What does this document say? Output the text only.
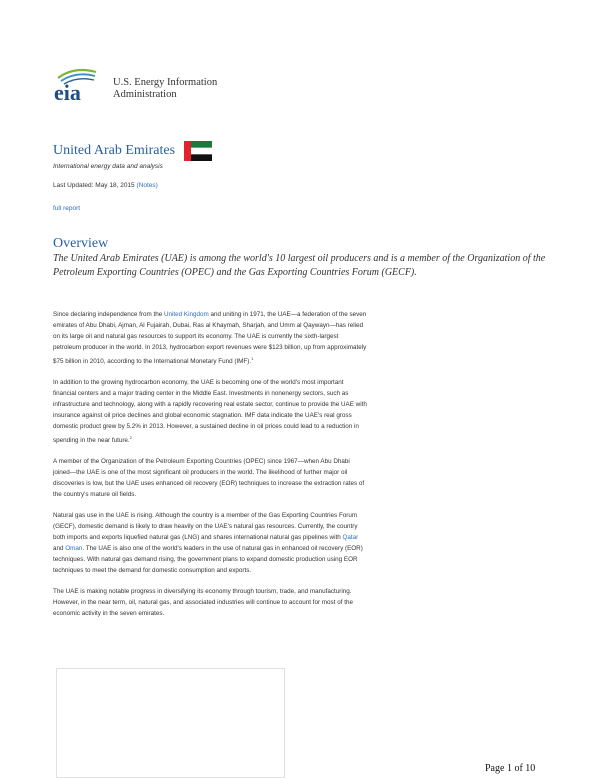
eia	U.S. Energy Information
Administration
United Arab Emirates
International energy data and analysis
Last Updated: May 18, 2015 (Notes)
full report
Overview

The United Arab Emirates (UAE) is among the world's 10 largest oil producers and is a member of the Organization of the Petroleum Exporting Countries (OPEC) and the Gas Exporting Countries Forum (GECF).

Since declaring independence from the United Kingdom and uniting in 1971, the UAE—a federation of the seven emirates of Abu Dhabi, Ajman, Al Fujairah, Dubai, Ras al Khaymah, Sharjah, and Umm al Qaywayn—has relied on its large oil and natural gas resources to support its economy. The UAE is currently the sixth-largest petroleum producer in the world. In 2013, hydrocarbon export revenues were $123 billion, up from approximately $75 billion in 2010, according to the International Monetary Fund (IMF).$^1$

In addition to the growing hydrocarbon economy, the UAE is becoming one of the world's most important financial centers and a major trading center in the Middle East. Investments in nonenergy sectors, such as infrastructure and technology, along with a rapidly recovering real estate sector, continue to provide the UAE with insurance against oil price declines and global economic stagnation. IMF data indicate the UAE's real gross domestic product grew by 5.2% in 2013. However, a sustained decline in oil prices could lead to a reduction in spending in the near future.$^2$

A member of the Organization of the Petroleum Exporting Countries (OPEC) since 1967—when Abu Dhabi joined—the UAE is one of the most significant oil producers in the world. The likelihood of further major oil discoveries is low, but the UAE uses enhanced oil recovery (EOR) techniques to increase the extraction rates of the country's mature oil fields.

Natural gas use in the UAE is rising. Although the country is a member of the Gas Exporting Countries Forum (GECF), domestic demand is likely to draw heavily on the UAE's natural gas resources. Currently, the country both imports and exports liquefied natural gas (LNG) and shares international natural gas pipelines with Qatar and Oman. The UAE is also one of the world's leaders in the use of natural gas in enhanced oil recovery (EOR) techniques. With natural gas demand rising, the government plans to expand domestic production using EOR techniques to meet the demand for domestic consumption and exports.

The UAE is making notable progress in diversifying its economy through tourism, trade, and manufacturing. However, in the near term, oil, natural gas, and associated industries will continue to account for most of the economic activity in the seven emirates.

Page 1 of 10
